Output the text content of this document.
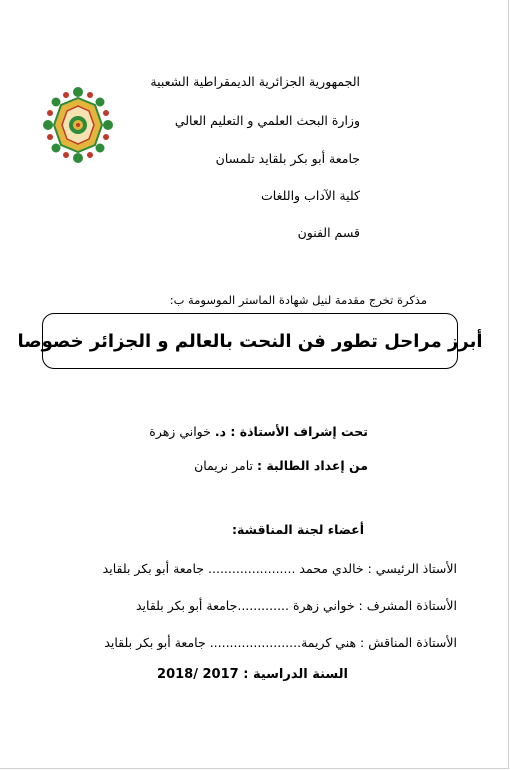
الجمهورية الجزائرية الديمقراطية الشعبية
وزارة البحث العلمي و التعليم العالي
جامعة أبو بكر بلقايد تلمسان
كلية الآداب واللغات
قسم الفنون
مذكرة تخرج مقدمة لنيل شهادة الماستر الموسومة ب:
أبرز مراحل تطور فن النحت بالعالم و الجزائر خصوصا
تحت إشراف الأستاذة : د. خواني زهرة
من إعداد الطالبة : تامر نريمان
أعضاء لجنة المناقشة:
الأستاذ الرئيسي : خالدي محمد ...................... جامعة أبو بكر بلقايد
الأستاذة المشرف : خواني زهرة .............جامعة أبو بكر بلقايد
الأستاذة المناقش : هني كريمة....................... جامعة أبو بكر بلقايد
السنة الدراسية : 2017 /2018
